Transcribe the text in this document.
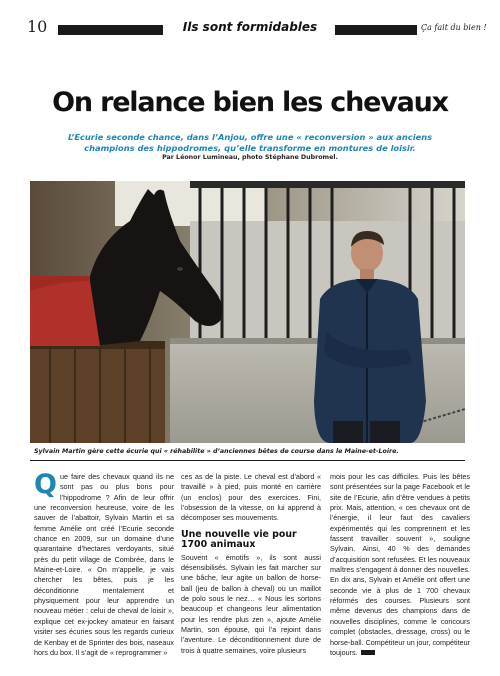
10	Ils sont formidables	Ça fait du bien !
On relance bien les chevaux
L’Ecurie seconde chance, dans l’Anjou, offre une « reconversion » aux anciens champions des hippodromes, qu’elle transforme en montures de loisir.
Par Léonor Lumineau, photo Stéphane Dubromel.
Sylvain Martin gère cette écurie qui « réhabilite » d’anciennes bêtes de course dans le Maine-et-Loire.
Q ue faire des chevaux quand ils ne sont pas ou plus bons pour l’hippodrome ? Afin de leur offrir une reconversion heureuse, voire de les sauver de l’abattoir, Sylvain Martin et sa femme Amélie ont créé l’Ecurie seconde chance en 2009, sur un domaine d’une quarantaine d’hectares verdoyants, situé près du petit village de Combrée, dans le Maine-et-Loire. « On m’appelle, je vais chercher les bêtes, puis je les déconditionne mentalement et physiquement pour leur apprendre un nouveau métier : celui de cheval de loisir », explique cet ex-jockey amateur en faisant visiter ses écuries sous les regards curieux de Kenbay et de Sprinter des bois, naseaux hors du box. Il s’agit de « reprogrammer »
ces as de la piste. Le cheval est d’abord « travaillé » à pied, puis monté en carrière (un enclos) pour des exercices. Fini, l’obsession de la vitesse, on lui apprend à décomposer ses mouvements.
Une nouvelle vie pour 1700 animaux
Souvent « émotifs », ils sont aussi désensibilisés. Sylvain les fait marcher sur une bâche, leur agite un ballon de horse-ball (jeu de ballon à cheval) ou un maillot de polo sous le nez… « Nous les sortons beaucoup et changeons leur alimentation pour les rendre plus zen », ajoute Amélie Martin, son épouse, qui l’a rejoint dans l’aventure. Le déconditionnement dure de trois à quatre semaines, voire plusieurs
mois pour les cas difficiles. Puis les bêtes sont présentées sur la page Facebook et le site de l’Ecurie, afin d’être vendues à petits prix. Mais, attention, « ces chevaux ont de l’énergie, il leur faut des cavaliers expérimentés qui les comprennent et les fassent travailler souvent », souligne Sylvain. Ainsi, 40 % des demandes d’acquisition sont refusées. Et les nouveaux maîtres s’engagent à donner des nouvelles. En dix ans, Sylvain et Amélie ont offert une seconde vie à plus de 1 700 chevaux réformés des courses. Plusieurs sont même devenus des champions dans de nouvelles disciplines, comme le concours complet (obstacles, dressage, cross) ou le horse-ball. Compétiteur un jour, compétiteur toujours.
